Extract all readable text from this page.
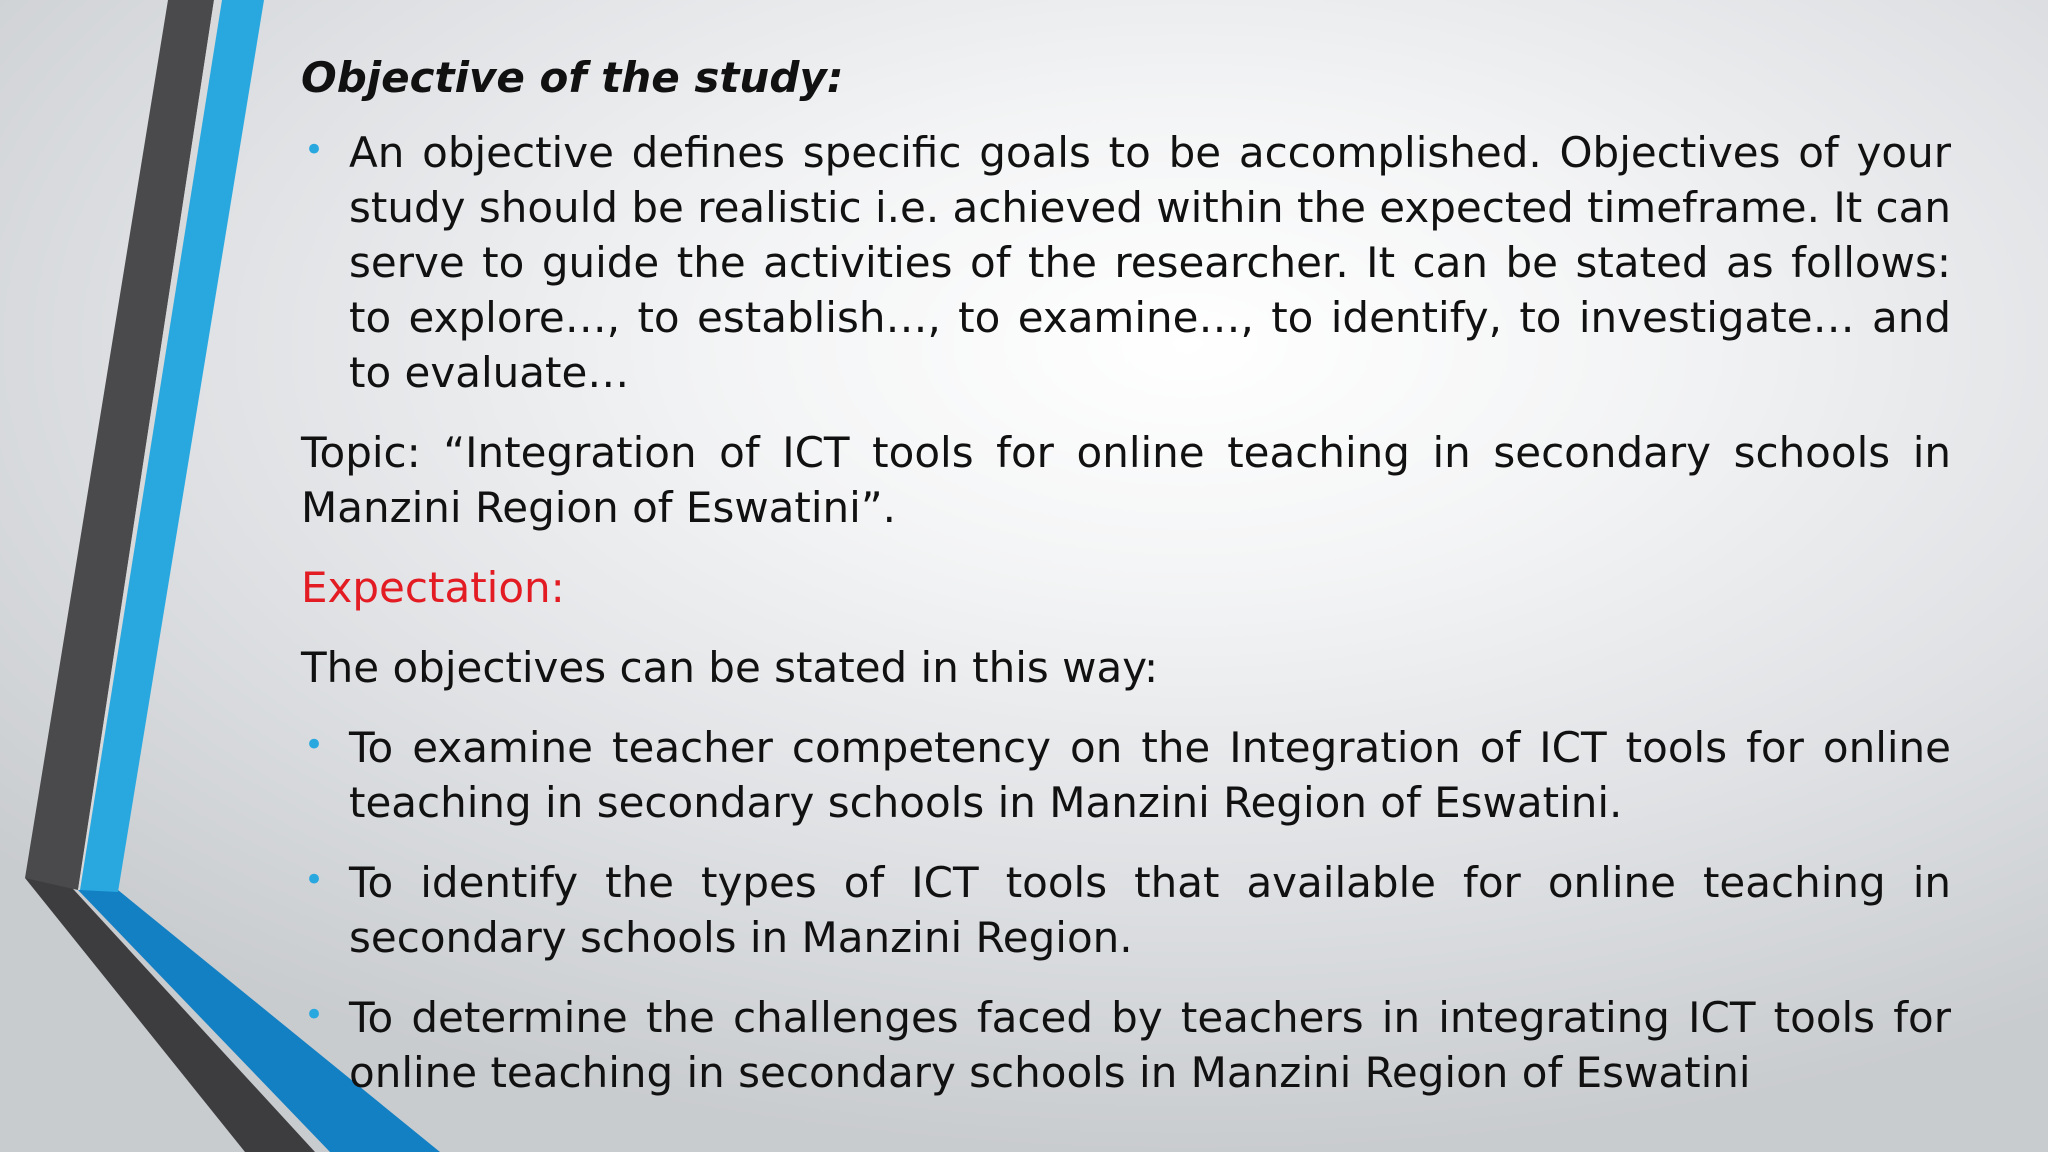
Objective of the study:
An objective defines specific goals to be accomplished. Objectives of your study should be realistic i.e. achieved within the expected timeframe. It can serve to guide the activities of the researcher. It can be stated as follows: to explore…, to establish…, to examine…, to identify, to investigate… and to evaluate…
Topic: “Integration of ICT tools for online teaching in secondary schools in Manzini Region of Eswatini”.
Expectation:
The objectives can be stated in this way:
To examine teacher competency on the Integration of ICT tools for online teaching in secondary schools in Manzini Region of Eswatini.
To identify the types of ICT tools that available for online teaching in secondary schools in Manzini Region.
To determine the challenges faced by teachers in integrating ICT tools for online teaching in secondary schools in Manzini Region of Eswatini
